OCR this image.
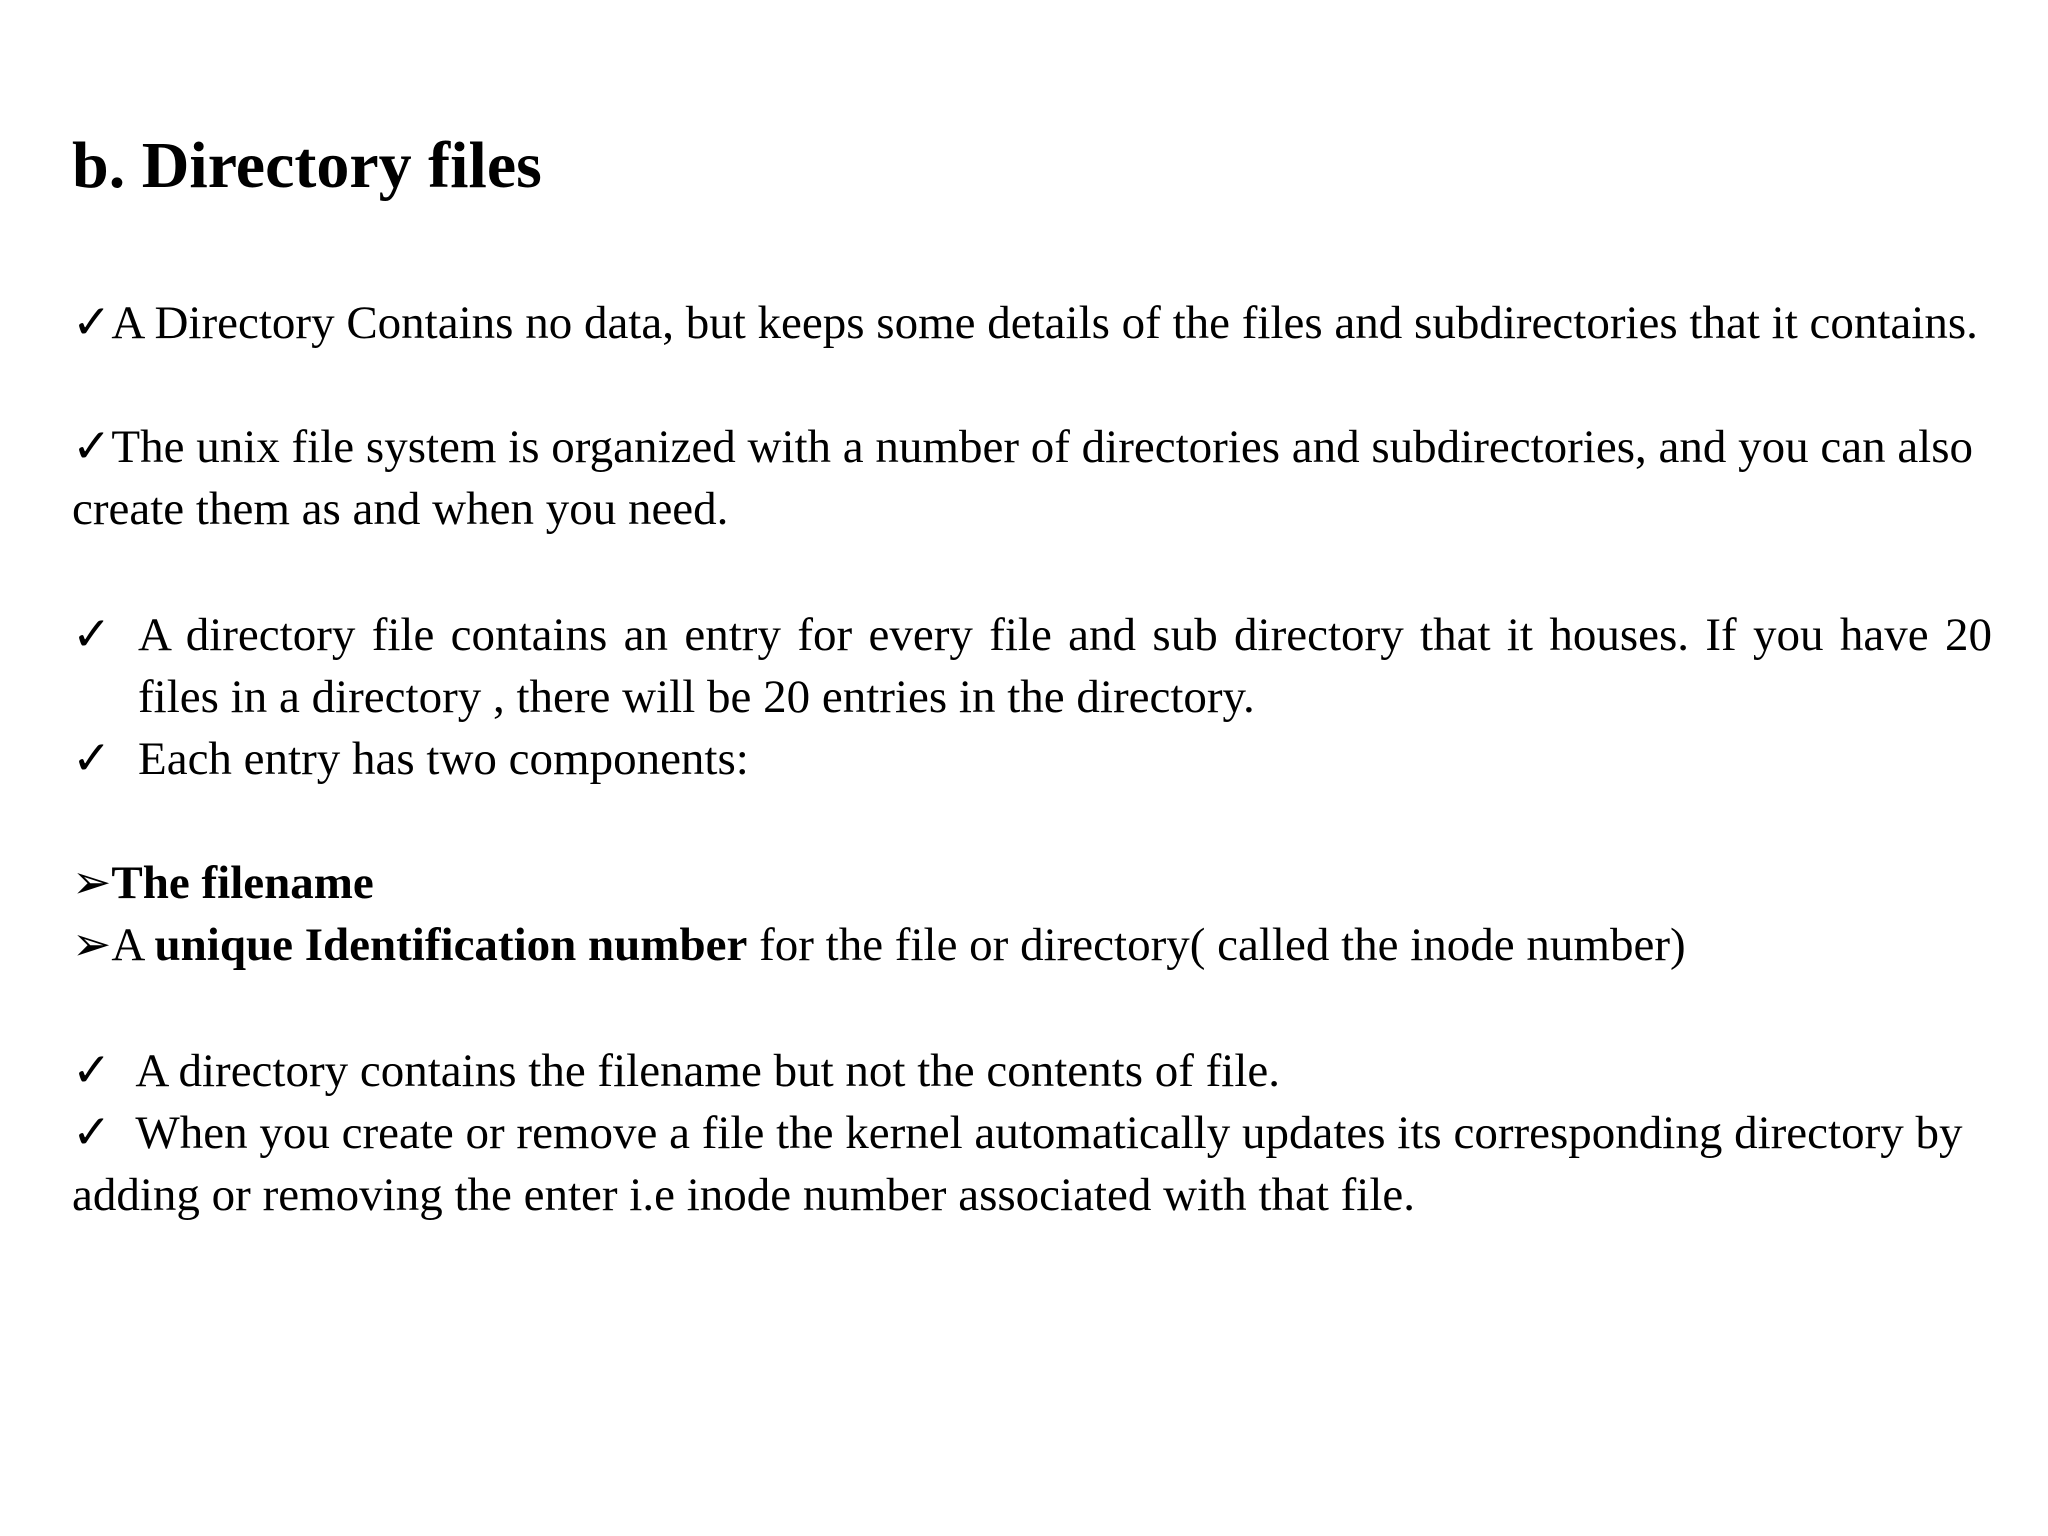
b. Directory files

✓A Directory Contains no data, but keeps some details of the files and subdirectories that it contains.

✓The unix file system is organized with a number of directories and subdirectories, and you can also create them as and when you need.

✓ A directory file contains an entry for every file and sub directory that it houses. If you have 20 files in a directory , there will be 20 entries in the directory.

✓ Each entry has two components:

➢The filename

➢A unique Identification number for the file or directory( called the inode number)

✓ A directory contains the filename but not the contents of file.

✓ When you create or remove a file the kernel automatically updates its corresponding directory by adding or removing the enter i.e inode number associated with that file.
